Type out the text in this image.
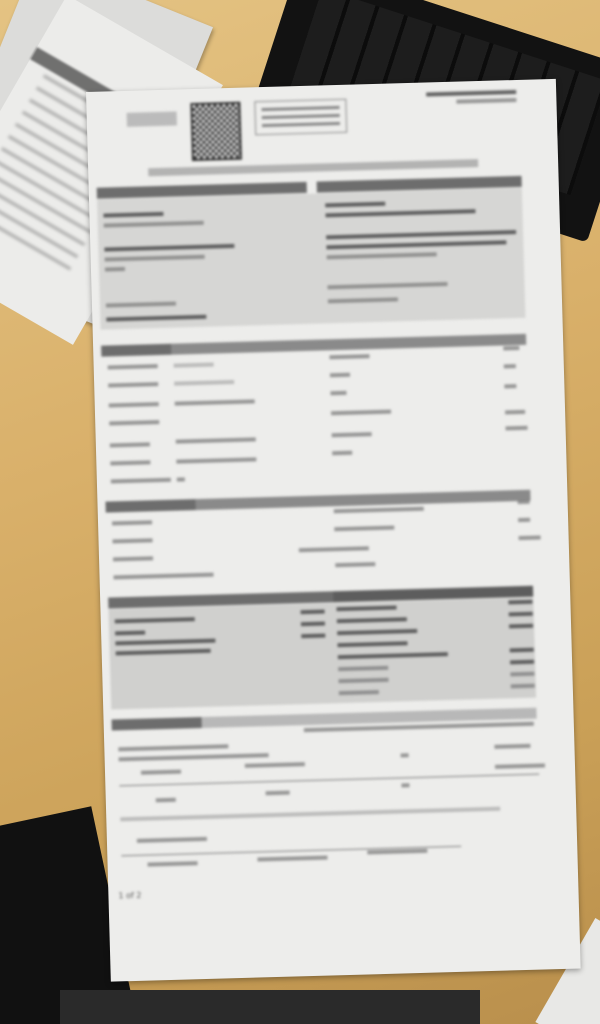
1 of 2
